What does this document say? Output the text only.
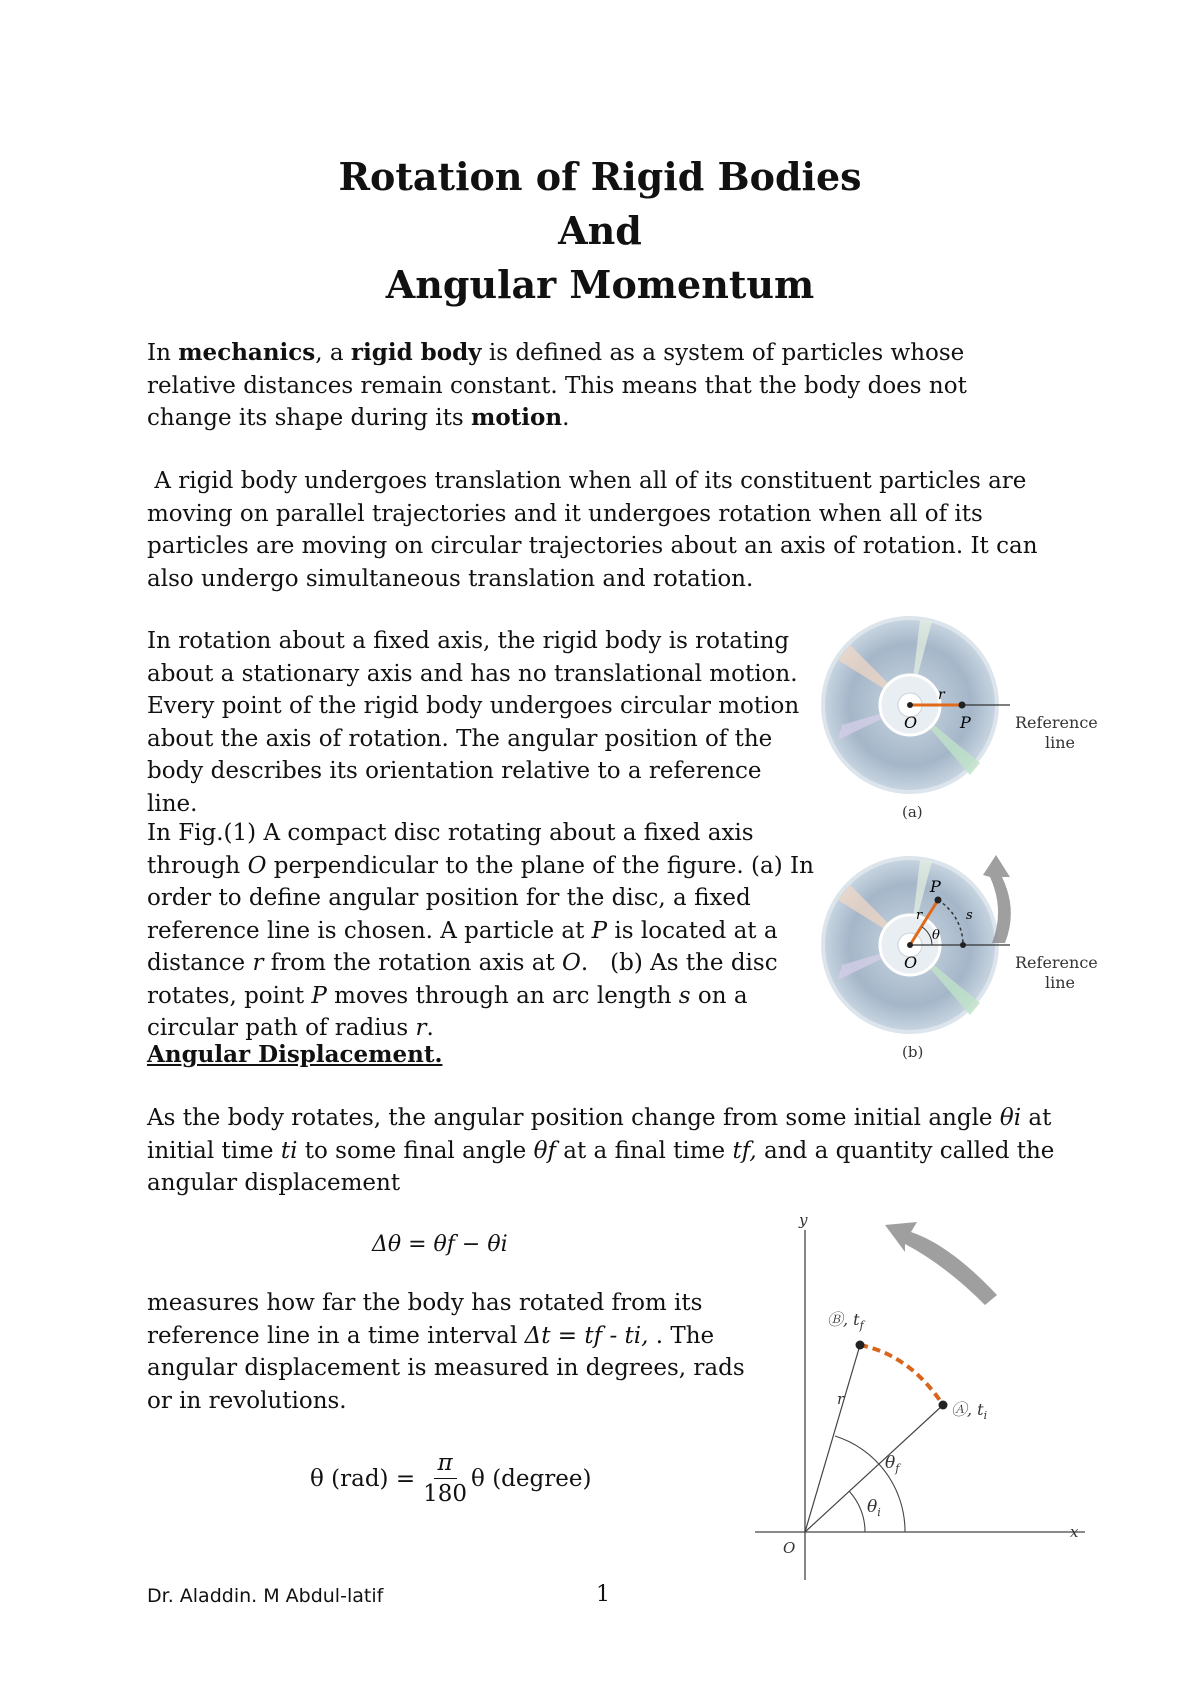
Rotation of Rigid Bodies
And
Angular Momentum
In mechanics, a rigid body is defined as a system of particles whose relative distances remain constant. This means that the body does not change its shape during its motion.
A rigid body undergoes translation when all of its constituent particles are moving on parallel trajectories and it undergoes rotation when all of its particles are moving on circular trajectories about an axis of rotation. It can also undergo simultaneous translation and rotation.
In rotation about a fixed axis, the rigid body is rotating about a stationary axis and has no translational motion. Every point of the rigid body undergoes circular motion about the axis of rotation. The angular position of the body describes its orientation relative to a reference line.
In Fig.(1) A compact disc rotating about a fixed axis through O perpendicular to the plane of the figure. (a) In order to define angular position for the disc, a fixed reference line is chosen. A particle at P is located at a distance r from the rotation axis at O.   (b) As the disc rotates, point P moves through an arc length s on a circular path of radius r.
Angular Displacement.
As the body rotates, the angular position change from some initial angle θi at initial time ti to some final angle θf at a final time tf, and a quantity called the angular displacement
Δθ = θf − θi
measures how far the body has rotated from its reference line in a time interval Δt = tf - ti, . The angular displacement is measured in degrees, rads or in revolutions.
θ $(rad) = \frac{\pi}{180}$ θ (degree)
O	P
r
Reference
line
(a)
O
P
r	s
θ
Reference
line
(b)
y
x
O
r
Ⓑ, $t_f$
Ⓐ, $t_i$
$\theta_f$
$\theta_i$
Dr. Aladdin. M Abdul-latif	1
